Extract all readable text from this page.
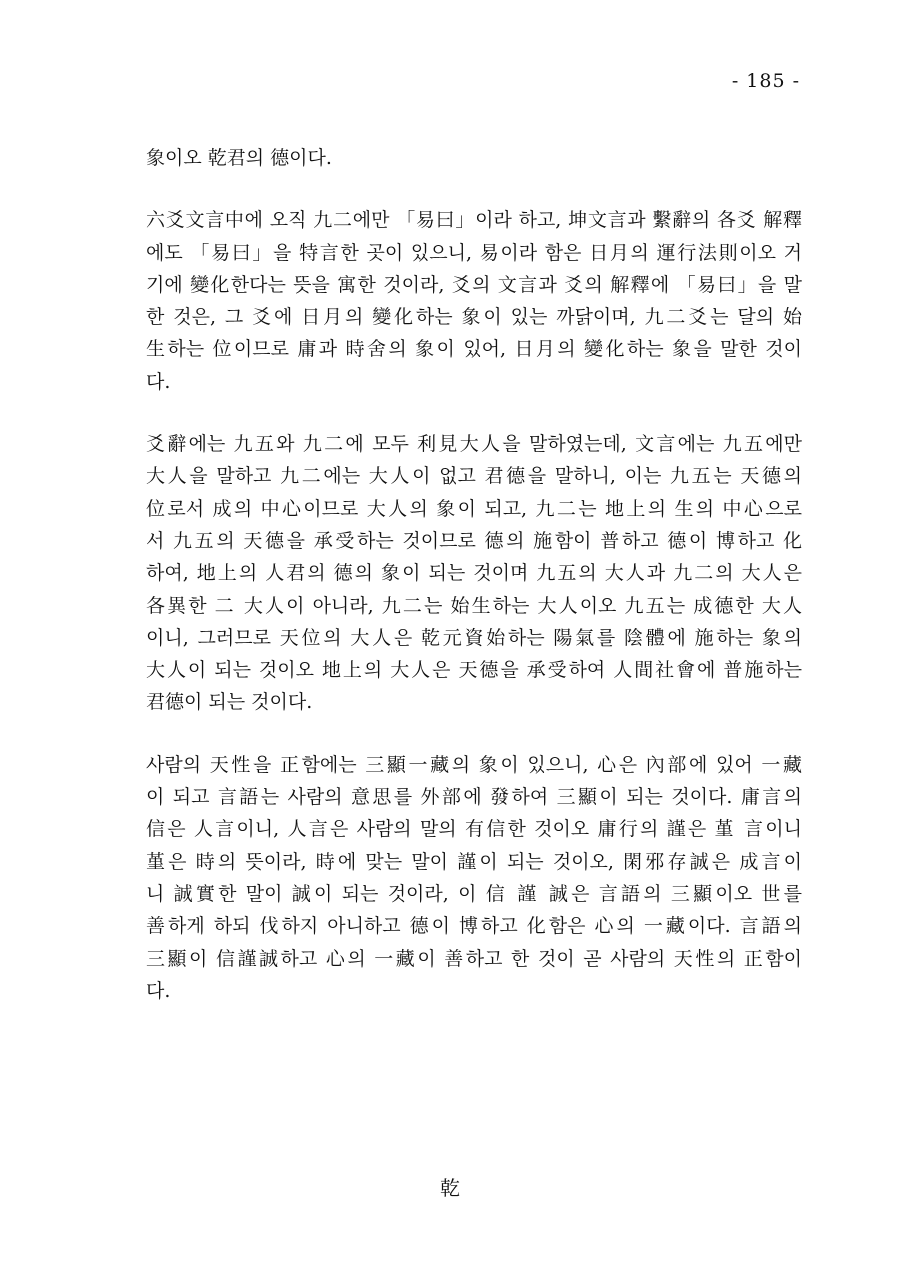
- 185 -

象이오 乾君의 德이다.

六爻文言中에 오직 九二에만 「易曰」이라 하고, 坤文言과 繫辭의 各爻 解釋
에도 「易曰」을 特言한 곳이 있으니, 易이라 함은 日月의 運行法則이오 거
기에 變化한다는 뜻을 寓한 것이라, 爻의 文言과 爻의 解釋에 「易曰」을 말
한 것은, 그 爻에 日月의 變化하는 象이 있는 까닭이며, 九二爻는 달의 始
生하는 位이므로 庸과 時舍의 象이 있어, 日月의 變化하는 象을 말한 것이
다.

爻辭에는 九五와 九二에 모두 利見大人을 말하였는데, 文言에는 九五에만
大人을 말하고 九二에는 大人이 없고 君德을 말하니, 이는 九五는 天德의
位로서 成의 中心이므로 大人의 象이 되고, 九二는 地上의 生의 中心으로
서 九五의 天德을 承受하는 것이므로 德의 施함이 普하고 德이 博하고 化
하여, 地上의 人君의 德의 象이 되는 것이며 九五의 大人과 九二의 大人은
各異한 二 大人이 아니라, 九二는 始生하는 大人이오 九五는 成德한 大人
이니, 그러므로 天位의 大人은 乾元資始하는 陽氣를 陰體에 施하는 象의
大人이 되는 것이오 地上의 大人은 天德을 承受하여 人間社會에 普施하는
君德이 되는 것이다.

사람의 天性을 正함에는 三顯一藏의 象이 있으니, 心은 內部에 있어 一藏
이 되고 言語는 사람의 意思를 外部에 發하여 三顯이 되는 것이다. 庸言의
信은 人言이니, 人言은 사람의 말의 有信한 것이오 庸行의 謹은 堇 言이니
堇은 時의 뜻이라, 時에 맞는 말이 謹이 되는 것이오, 閑邪存誠은 成言이
니 誠實한 말이 誠이 되는 것이라, 이 信 謹 誠은 言語의 三顯이오 世를
善하게 하되 伐하지 아니하고 德이 博하고 化함은 心의 一藏이다. 言語의
三顯이 信謹誠하고 心의 一藏이 善하고 한 것이 곧 사람의 天性의 正함이
다.

乾
